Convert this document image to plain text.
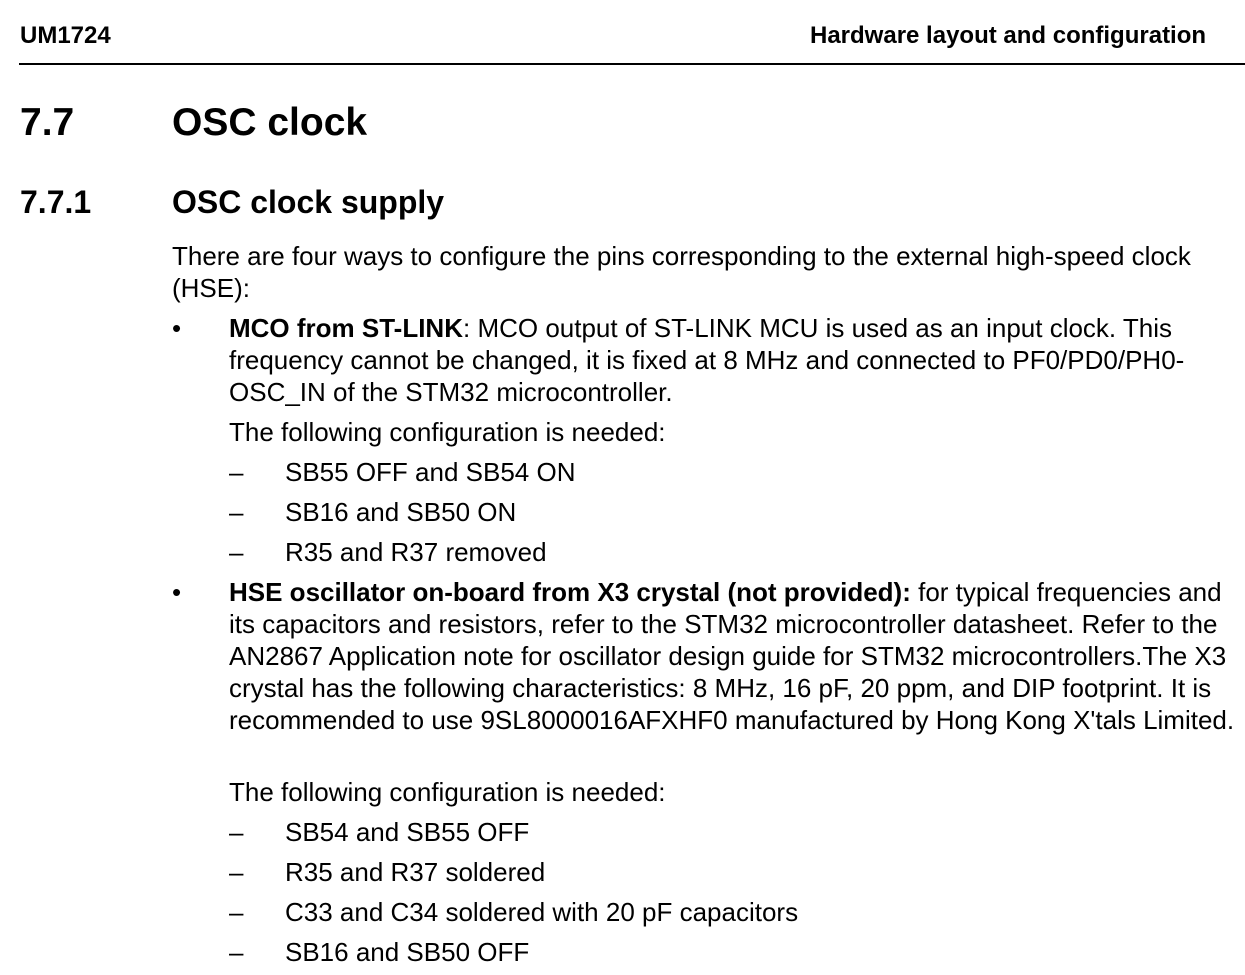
UM1724	Hardware layout and configuration
7.7	OSC clock
7.7.1	OSC clock supply
There are four ways to configure the pins corresponding to the external high-speed clock (HSE):
• MCO from ST-LINK: MCO output of ST-LINK MCU is used as an input clock. This frequency cannot be changed, it is fixed at 8 MHz and connected to PF0/PD0/PH0-OSC_IN of the STM32 microcontroller.
The following configuration is needed:
– SB55 OFF and SB54 ON
– SB16 and SB50 ON
– R35 and R37 removed
• HSE oscillator on-board from X3 crystal (not provided): for typical frequencies and its capacitors and resistors, refer to the STM32 microcontroller datasheet. Refer to the AN2867 Application note for oscillator design guide for STM32 microcontrollers.The X3 crystal has the following characteristics: 8 MHz, 16 pF, 20 ppm, and DIP footprint. It is recommended to use 9SL8000016AFXHF0 manufactured by Hong Kong X'tals Limited.
The following configuration is needed:
– SB54 and SB55 OFF
– R35 and R37 soldered
– C33 and C34 soldered with 20 pF capacitors
– SB16 and SB50 OFF
